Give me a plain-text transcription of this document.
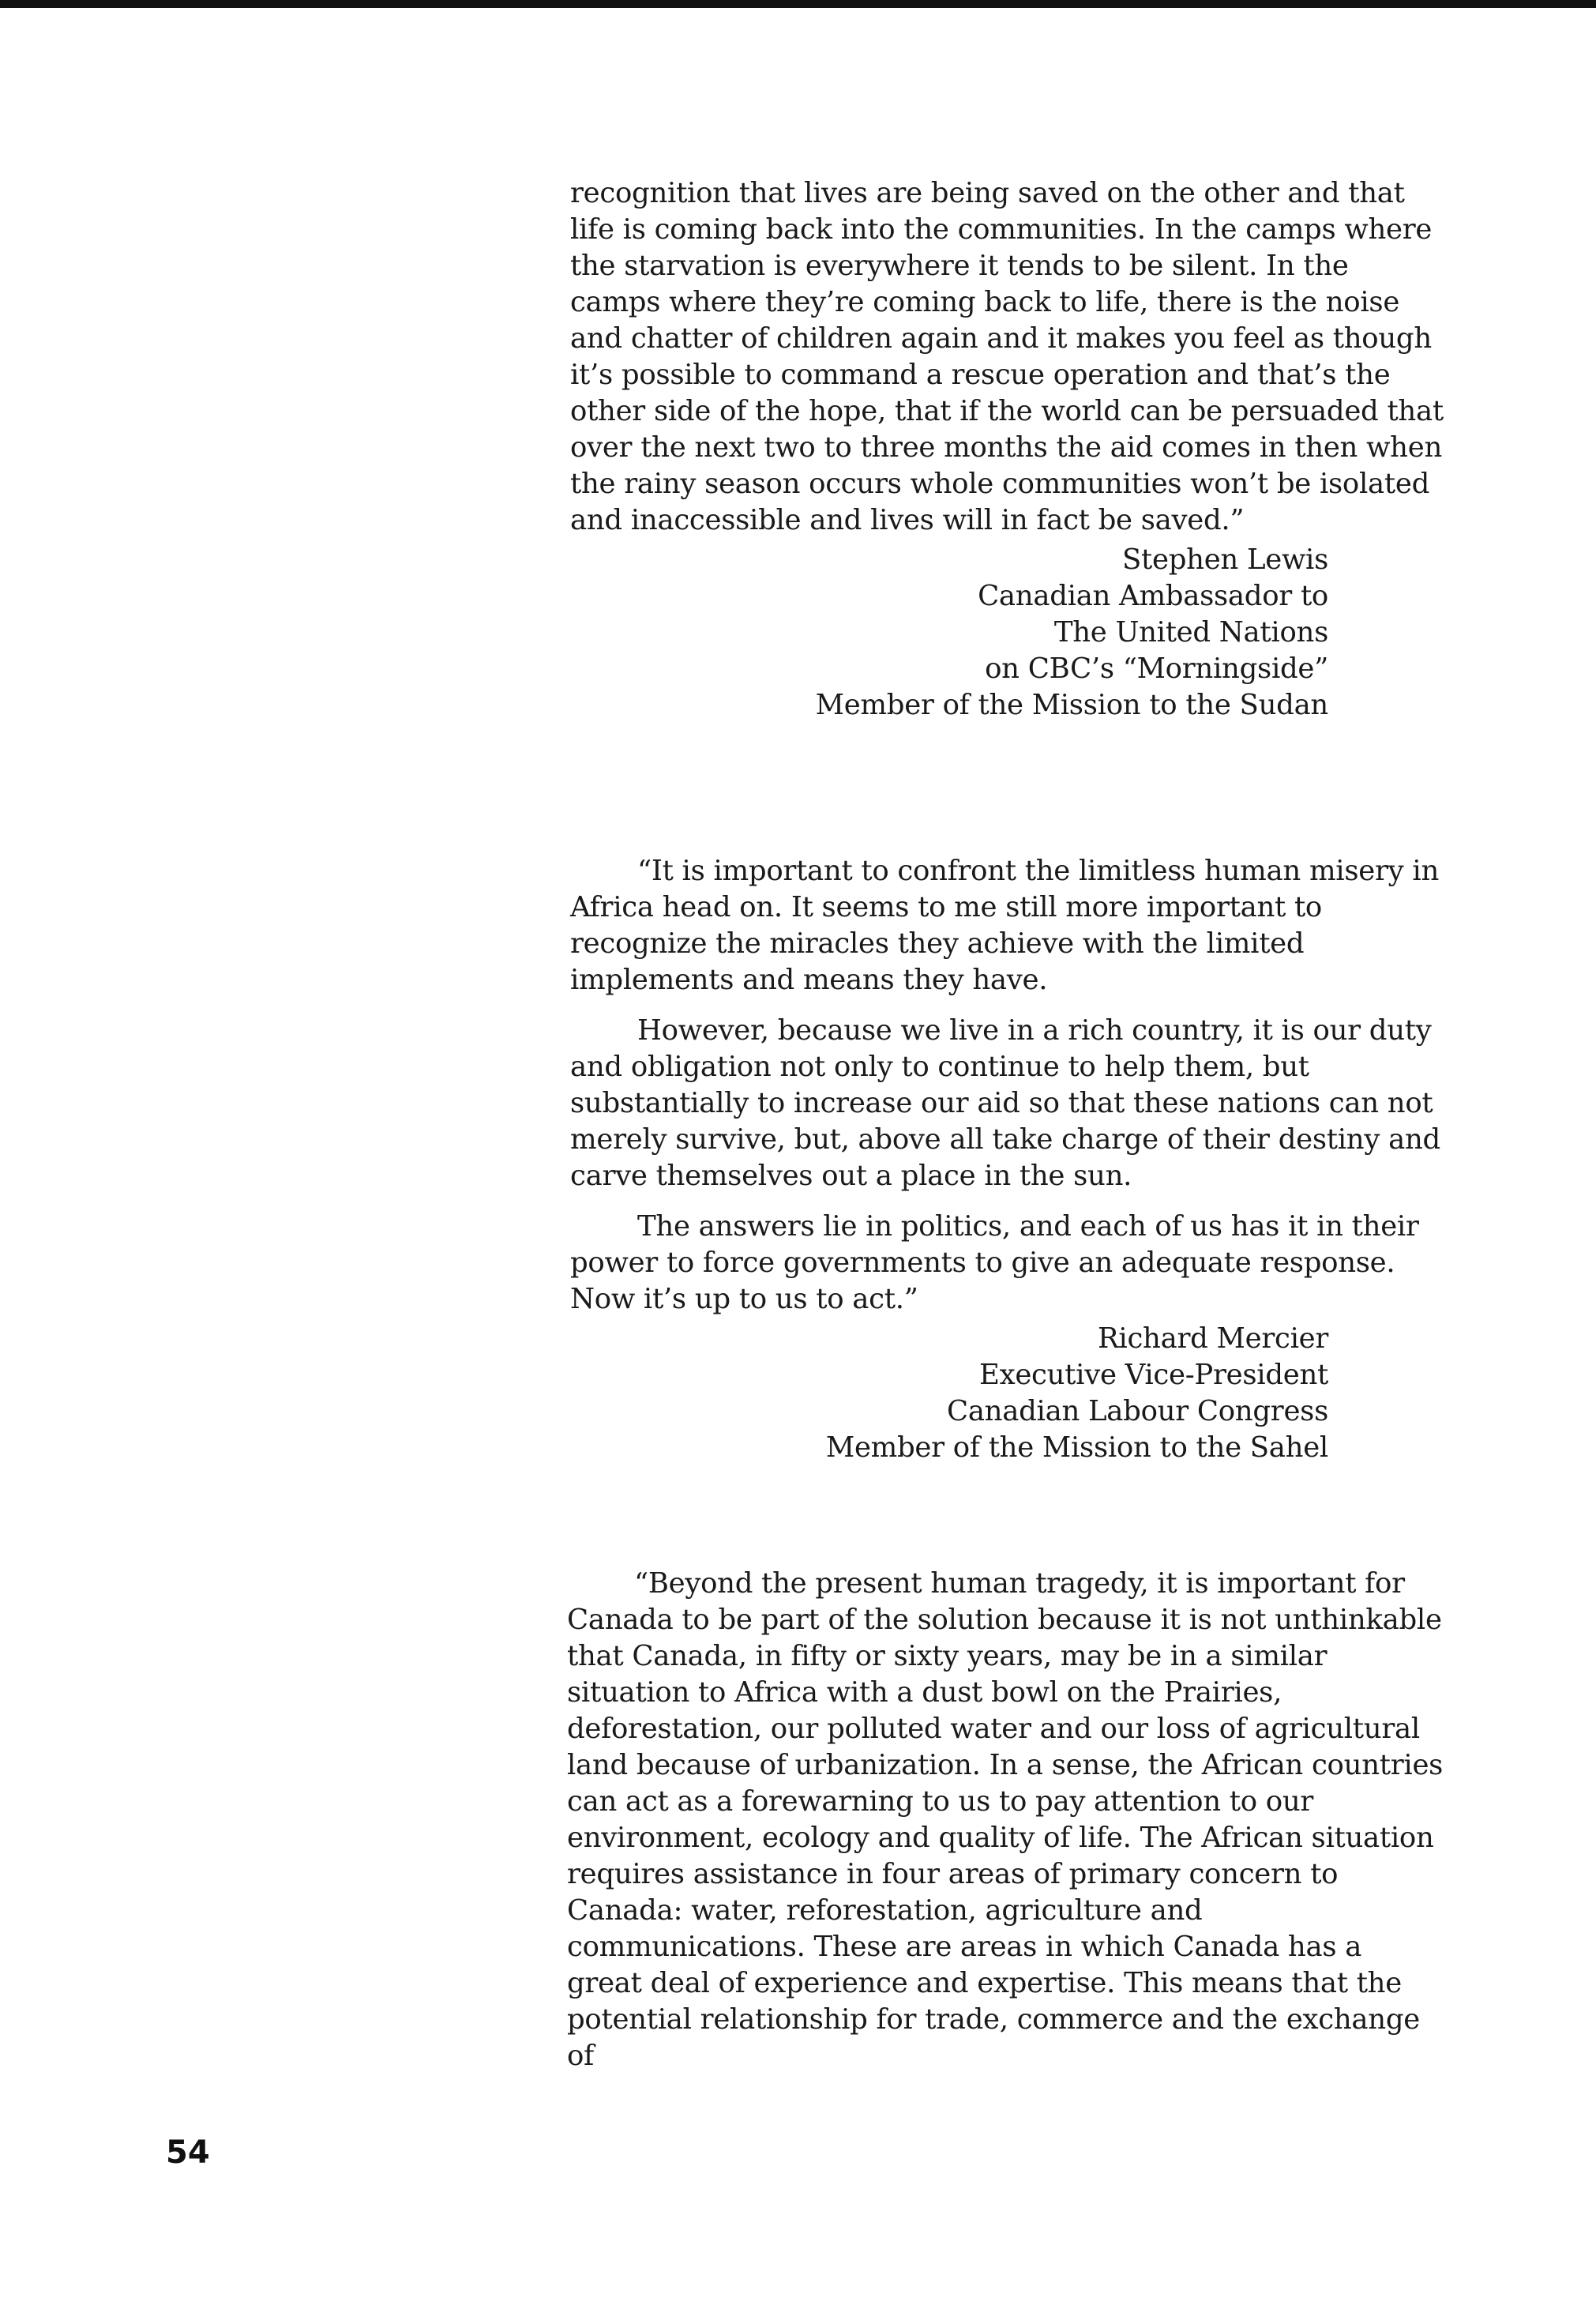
recognition that lives are being saved on the other and that life is coming back into the communities. In the camps where the starvation is everywhere it tends to be silent. In the camps where they’re coming back to life, there is the noise and chatter of children again and it makes you feel as though it’s possible to command a rescue operation and that’s the other side of the hope, that if the world can be persuaded that over the next two to three months the aid comes in then when the rainy season occurs whole communities won’t be isolated and inaccessible and lives will in fact be saved.”

Stephen Lewis
Canadian Ambassador to
The United Nations
on CBC’s “Morningside”
Member of the Mission to the Sudan

“It is important to confront the limitless human misery in Africa head on. It seems to me still more important to recognize the miracles they achieve with the limited implements and means they have.

However, because we live in a rich country, it is our duty and obligation not only to continue to help them, but substantially to increase our aid so that these nations can not merely survive, but, above all take charge of their destiny and carve themselves out a place in the sun.

The answers lie in politics, and each of us has it in their power to force governments to give an adequate response. Now it’s up to us to act.”

Richard Mercier
Executive Vice-President
Canadian Labour Congress
Member of the Mission to the Sahel

“Beyond the present human tragedy, it is important for Canada to be part of the solution because it is not unthinkable that Canada, in fifty or sixty years, may be in a similar situation to Africa with a dust bowl on the Prairies, deforestation, our polluted water and our loss of agricultural land because of urbanization. In a sense, the African countries can act as a forewarning to us to pay attention to our environment, ecology and quality of life. The African situation requires assistance in four areas of primary concern to Canada: water, reforestation, agriculture and communications. These are areas in which Canada has a great deal of experience and expertise. This means that the potential relationship for trade, commerce and the exchange of

54
